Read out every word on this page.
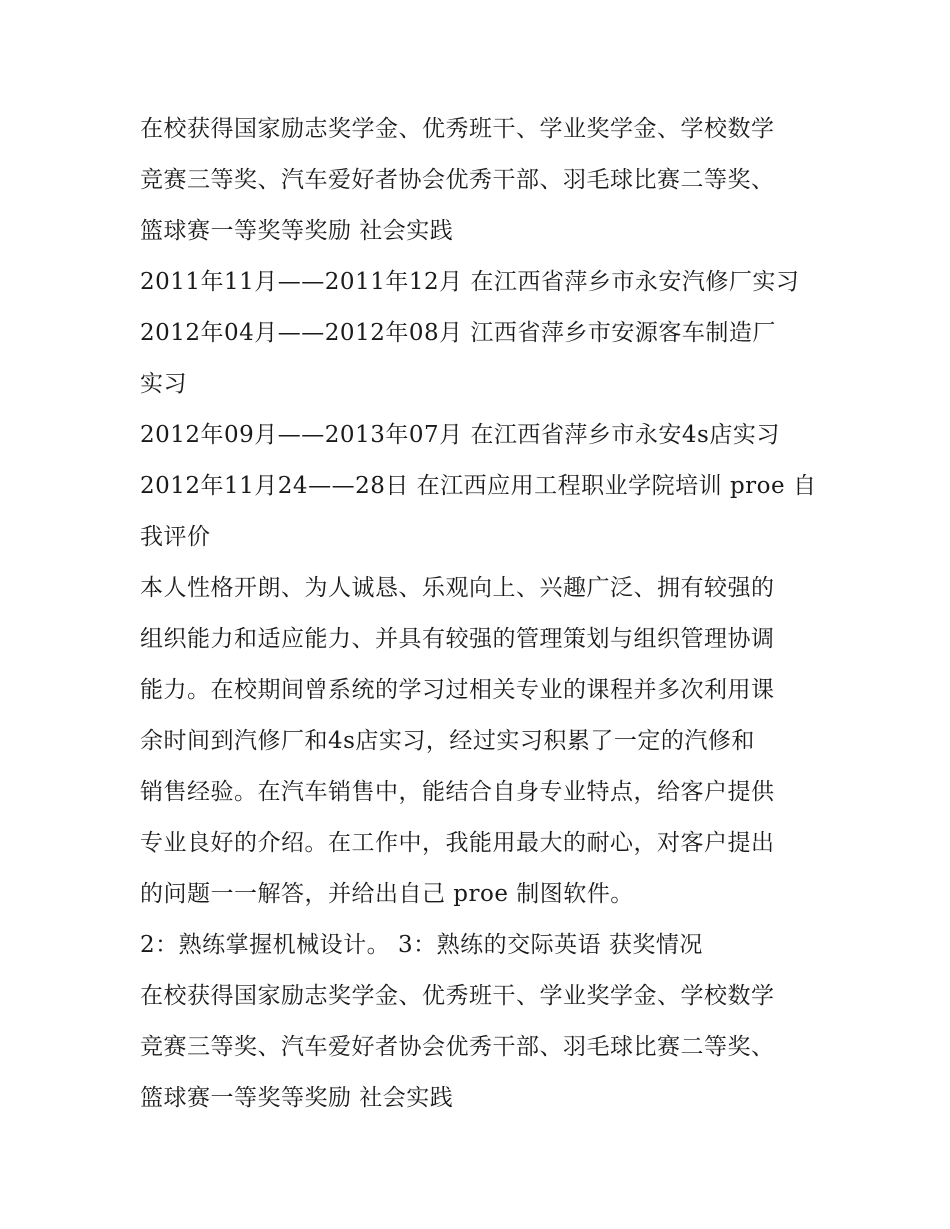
在校获得国家励志奖学金、优秀班干、学业奖学金、学校数学
竞赛三等奖、汽车爱好者协会优秀干部、羽毛球比赛二等奖、
篮球赛一等奖等奖励 社会实践
2011年11月——2011年12月 在江西省萍乡市永安汽修厂实习
2012年04月——2012年08月 江西省萍乡市安源客车制造厂
实习
2012年09月——2013年07月 在江西省萍乡市永安4s店实习
2012年11月24——28日 在江西应用工程职业学院培训 proe 自
我评价
本人性格开朗、为人诚恳、乐观向上、兴趣广泛、拥有较强的
组织能力和适应能力、并具有较强的管理策划与组织管理协调
能力。在校期间曾系统的学习过相关专业的课程并多次利用课
余时间到汽修厂和4s店实习，经过实习积累了一定的汽修和
销售经验。在汽车销售中，能结合自身专业特点，给客户提供
专业良好的介绍。在工作中，我能用最大的耐心，对客户提出
的问题一一解答，并给出自己 proe 制图软件。
2：熟练掌握机械设计。 3：熟练的交际英语 获奖情况
在校获得国家励志奖学金、优秀班干、学业奖学金、学校数学
竞赛三等奖、汽车爱好者协会优秀干部、羽毛球比赛二等奖、
篮球赛一等奖等奖励 社会实践
